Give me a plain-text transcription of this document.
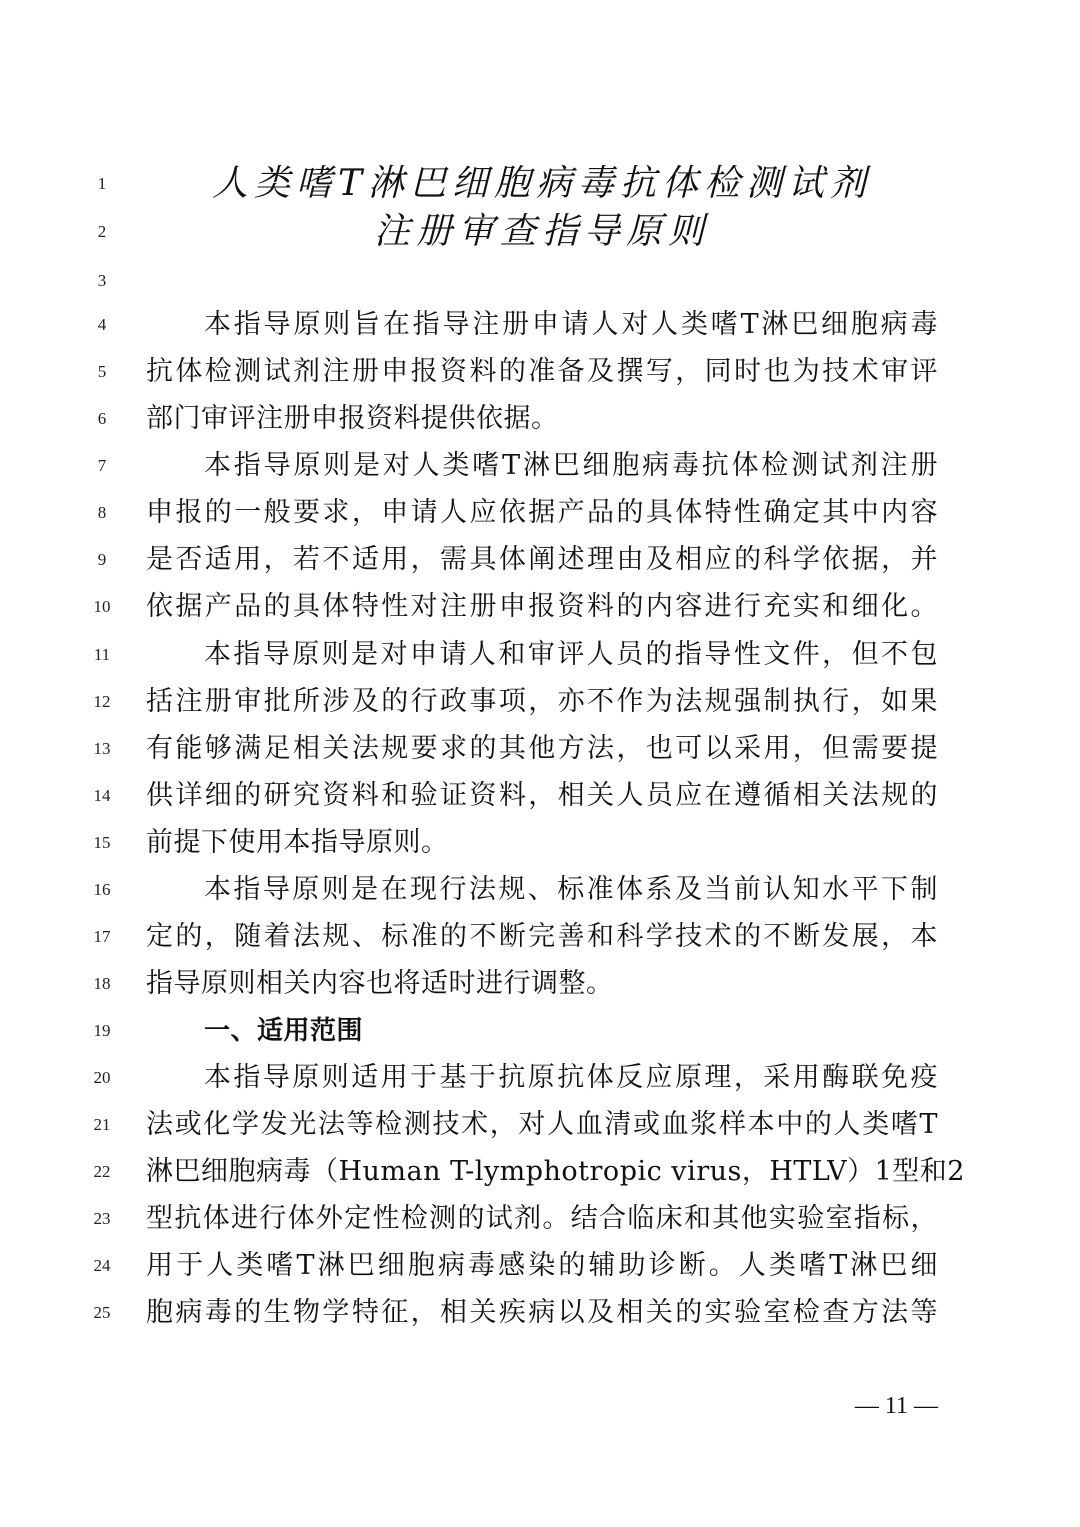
1	人类嗜T淋巴细胞病毒抗体检测试剂
2	注册审查指导原则
3
4	本指导原则旨在指导注册申请人对人类嗜T淋巴细胞病毒
5	抗体检测试剂注册申报资料的准备及撰写，同时也为技术审评
6	部门审评注册申报资料提供依据。
7	本指导原则是对人类嗜T淋巴细胞病毒抗体检测试剂注册
8	申报的一般要求，申请人应依据产品的具体特性确定其中内容
9	是否适用，若不适用，需具体阐述理由及相应的科学依据，并
10	依据产品的具体特性对注册申报资料的内容进行充实和细化。
11	本指导原则是对申请人和审评人员的指导性文件，但不包
12	括注册审批所涉及的行政事项，亦不作为法规强制执行，如果
13	有能够满足相关法规要求的其他方法，也可以采用，但需要提
14	供详细的研究资料和验证资料，相关人员应在遵循相关法规的
15	前提下使用本指导原则。
16	本指导原则是在现行法规、标准体系及当前认知水平下制
17	定的，随着法规、标准的不断完善和科学技术的不断发展，本
18	指导原则相关内容也将适时进行调整。
19	一、适用范围
20	本指导原则适用于基于抗原抗体反应原理，采用酶联免疫
21	法或化学发光法等检测技术，对人血清或血浆样本中的人类嗜T
22	淋巴细胞病毒（Human T-lymphotropic virus，HTLV）1型和2
23	型抗体进行体外定性检测的试剂。结合临床和其他实验室指标，
24	用于人类嗜T淋巴细胞病毒感染的辅助诊断。人类嗜T淋巴细
25	胞病毒的生物学特征，相关疾病以及相关的实验室检查方法等
— 11 —
